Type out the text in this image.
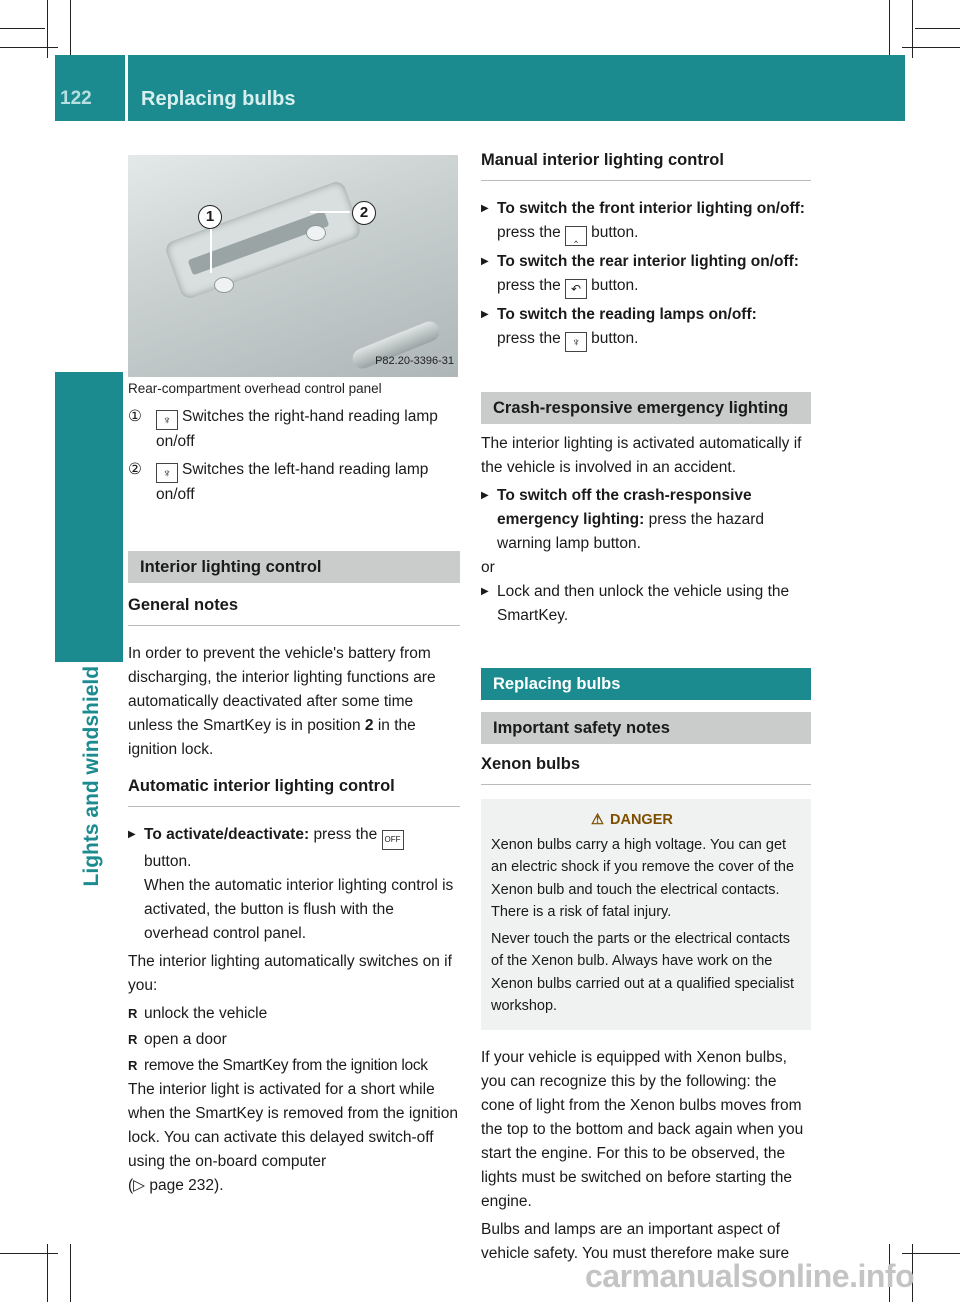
122 Replacing bulbs
Lights and windshield wipers
1	2
P82.20-3396-31

Rear-compartment overhead control panel

① ♆ Switches the right-hand reading lamp on/off
② ♆ Switches the left-hand reading lamp on/off
Interior lighting control
General notes

In order to prevent the vehicle's battery from discharging, the interior lighting functions are automatically deactivated after some time unless the SmartKey is in position 2 in the ignition lock.

Automatic interior lighting control
▶ To activate/deactivate: press the OFF
button.
When the automatic interior lighting control is activated, the button is flush with the overhead control panel.

The interior lighting automatically switches on if you:

R unlock the vehicle
R open a door
R remove the SmartKey from the ignition lock

The interior light is activated for a short while when the SmartKey is removed from the ignition lock. You can activate this delayed switch-off using the on-board computer

(▷ page 232).

Manual interior lighting control
▶ To switch the front interior lighting on/off: press the ‸ button.
▶ To switch the rear interior lighting on/off: press the ↶ button.
▶ To switch the reading lamps on/off:
press the ♆ button.
Crash-responsive emergency lighting

The interior lighting is activated automatically if the vehicle is involved in an accident.

▶ To switch off the crash-responsive emergency lighting: press the hazard warning lamp button.

or

▶ Lock and then unlock the vehicle using the SmartKey.
Replacing bulbs
Important safety notes
Xenon bulbs
⚠ DANGER

Xenon bulbs carry a high voltage. You can get an electric shock if you remove the cover of the Xenon bulb and touch the electrical contacts. There is a risk of fatal injury.

Never touch the parts or the electrical contacts of the Xenon bulb. Always have work on the Xenon bulbs carried out at a qualified specialist workshop.

If your vehicle is equipped with Xenon bulbs, you can recognize this by the following: the cone of light from the Xenon bulbs moves from the top to the bottom and back again when you start the engine. For this to be observed, the lights must be switched on before starting the engine.

Bulbs and lamps are an important aspect of vehicle safety. You must therefore make sure

carmanualsonline.info
